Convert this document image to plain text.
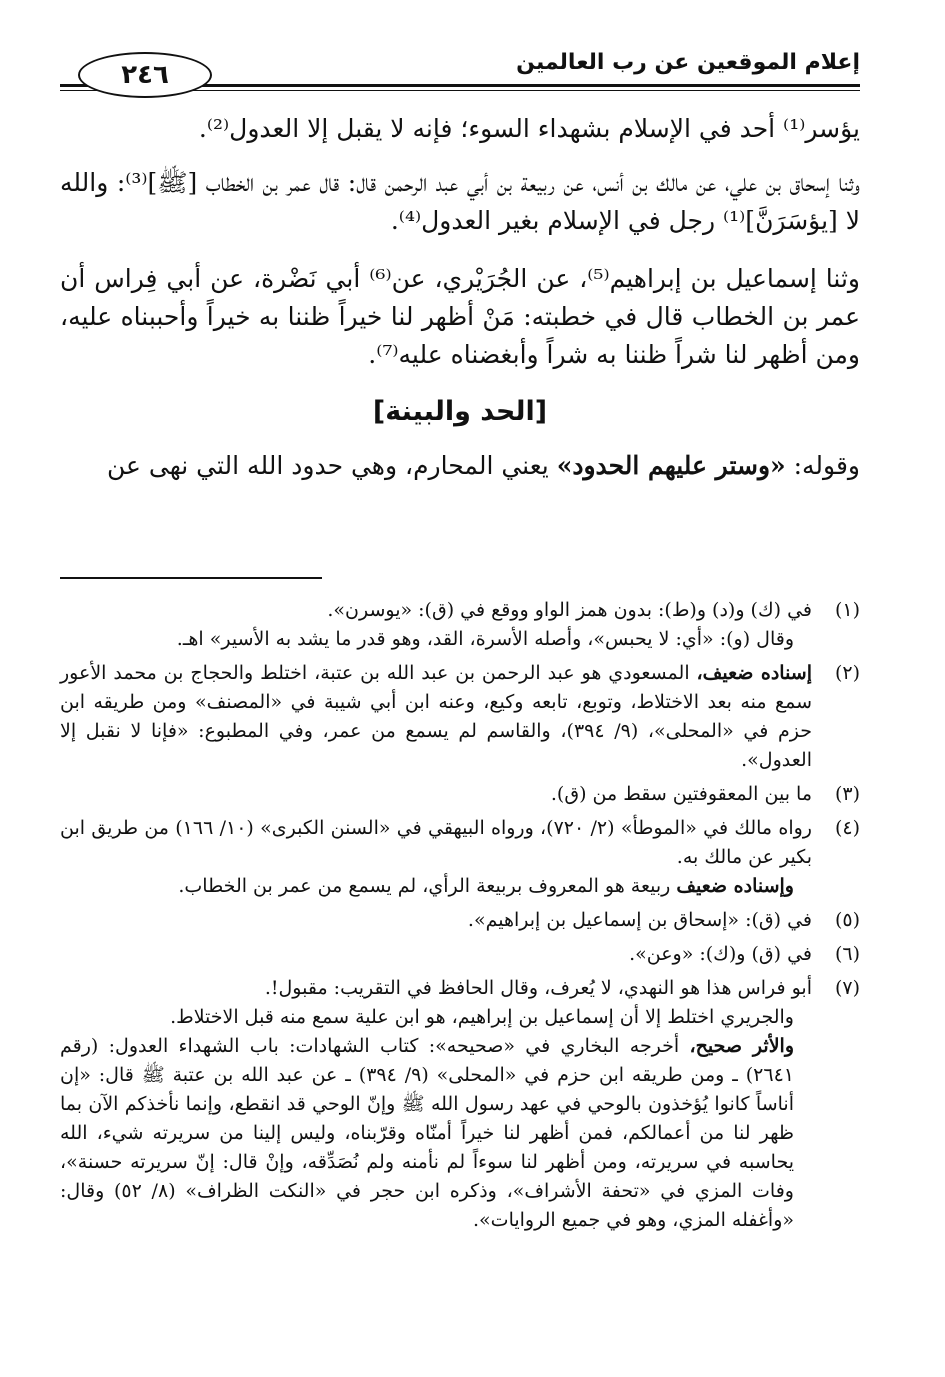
إعلام الموقعين عن رب العالمين
٢٤٦

يؤسر⁽¹⁾ أحد في الإسلام بشهداء السوء؛ فإنه لا يقبل إلا العدول⁽²⁾.

وثنا إسحاق بن علي، عن مالك بن أنس، عن ربيعة بن أبي عبد الرحمن قال: قال عمر بن الخطاب [ﷺ]⁽³⁾: والله لا [يؤسَرَنَّ]⁽¹⁾ رجل في الإسلام بغير العدول⁽⁴⁾.

وثنا إسماعيل بن إبراهيم⁽⁵⁾، عن الجُرَيْري، عن⁽⁶⁾ أبي نَضْرة، عن أبي فِراس أن عمر بن الخطاب قال في خطبته: مَنْ أظهر لنا خيراً ظننا به خيراً وأحببناه عليه، ومن أظهر لنا شراً ظننا به شراً وأبغضناه عليه⁽⁷⁾.

[الحد والبينة]

وقوله: «وستر عليهم الحدود» يعني المحارم، وهي حدود الله التي نهى عن

(١)

في (ك) و(د) و(ط): بدون همز الواو ووقع في (ق): «يوسرن».

وقال (و): «أي: لا يحبس»، وأصله الأسرة، القد، وهو قدر ما يشد به الأسير» اهـ.

(٢)

إسناده ضعيف، المسعودي هو عبد الرحمن بن عبد الله بن عتبة، اختلط والحجاج بن محمد الأعور سمع منه بعد الاختلاط، وتوبع، تابعه وكيع، وعنه ابن أبي شيبة في «المصنف» ومن طريقه ابن حزم في «المحلى»، (٩/ ٣٩٤)، والقاسم لم يسمع من عمر، وفي المطبوع: «فإنا لا نقبل إلا العدول».

(٣)

ما بين المعقوفتين سقط من (ق).

(٤)

رواه مالك في «الموطأ» (٢/ ٧٢٠)، ورواه البيهقي في «السنن الكبرى» (١٠/ ١٦٦) من طريق ابن بكير عن مالك به.

وإسناده ضعيف ربيعة هو المعروف بربيعة الرأي، لم يسمع من عمر بن الخطاب.

(٥)

في (ق): «إسحاق بن إسماعيل بن إبراهيم».

(٦)

في (ق) و(ك): «وعن».

(٧)

أبو فراس هذا هو النهدي، لا يُعرف، وقال الحافظ في التقريب: مقبول!.

والجريري اختلط إلا أن إسماعيل بن إبراهيم، هو ابن علية سمع منه قبل الاختلاط.

والأثر صحيح، أخرجه البخاري في «صحيحه»: كتاب الشهادات: باب الشهداء العدول: (رقم ٢٦٤١) ـ ومن طريقه ابن حزم في «المحلى» (٩/ ٣٩٤) ـ عن عبد الله بن عتبة ﷺ قال: «إن أناساً كانوا يُؤخذون بالوحي في عهد رسول الله ﷺ وإنّ الوحي قد انقطع، وإنما نأخذكم الآن بما ظهر لنا من أعمالكم، فمن أظهر لنا خيراً أمنّاه وقرّبناه، وليس إلينا من سريرته شيء، الله يحاسبه في سريرته، ومن أظهر لنا سوءاً لم نأمنه ولم نُصَدِّقه، وإنْ قال: إنّ سريرته حسنة»، وفات المزي في «تحفة الأشراف»، وذكره ابن حجر في «النكت الظراف» (٨/ ٥٢) وقال: «وأغفله المزي، وهو في جميع الروايات».
